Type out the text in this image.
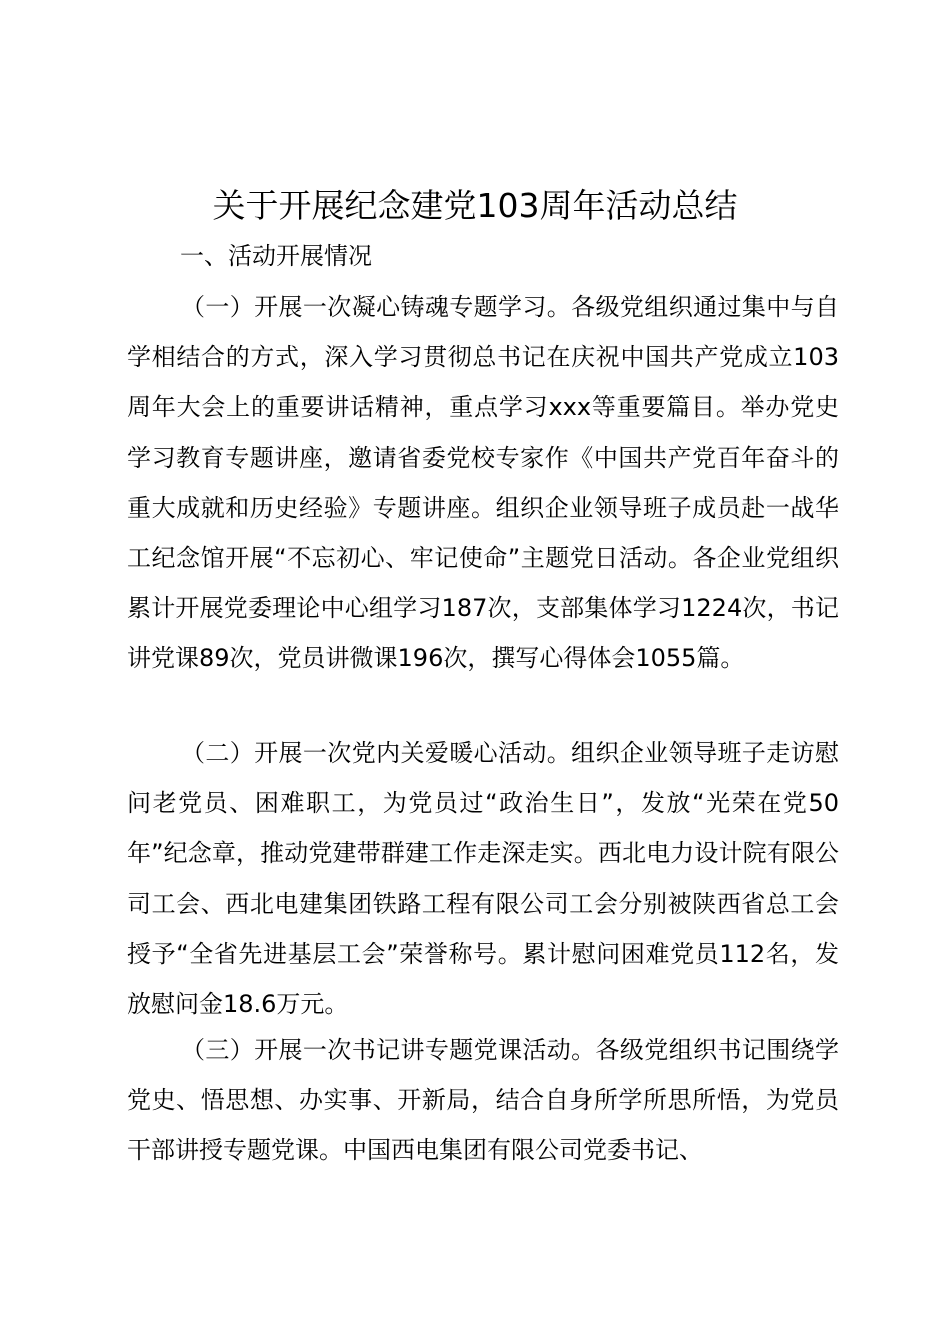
关于开展纪念建党103周年活动总结

一、活动开展情况

（一）开展一次凝心铸魂专题学习。各级党组织通过集中与自学相结合的方式，深入学习贯彻总书记在庆祝中国共产党成立103周年大会上的重要讲话精神，重点学习xxx等重要篇目。举办党史学习教育专题讲座，邀请省委党校专家作《中国共产党百年奋斗的重大成就和历史经验》专题讲座。组织企业领导班子成员赴一战华工纪念馆开展“不忘初心、牢记使命”主题党日活动。各企业党组织累计开展党委理论中心组学习187次，支部集体学习1224次，书记讲党课89次，党员讲微课196次，撰写心得体会1055篇。

（二）开展一次党内关爱暖心活动。组织企业领导班子走访慰问老党员、困难职工，为党员过“政治生日”，发放“光荣在党50年”纪念章，推动党建带群建工作走深走实。西北电力设计院有限公司工会、西北电建集团铁路工程有限公司工会分别被陕西省总工会授予“全省先进基层工会”荣誉称号。累计慰问困难党员112名，发放慰问金18.6万元。

（三）开展一次书记讲专题党课活动。各级党组织书记围绕学党史、悟思想、办实事、开新局，结合自身所学所思所悟，为党员干部讲授专题党课。中国西电集团有限公司党委书记、
